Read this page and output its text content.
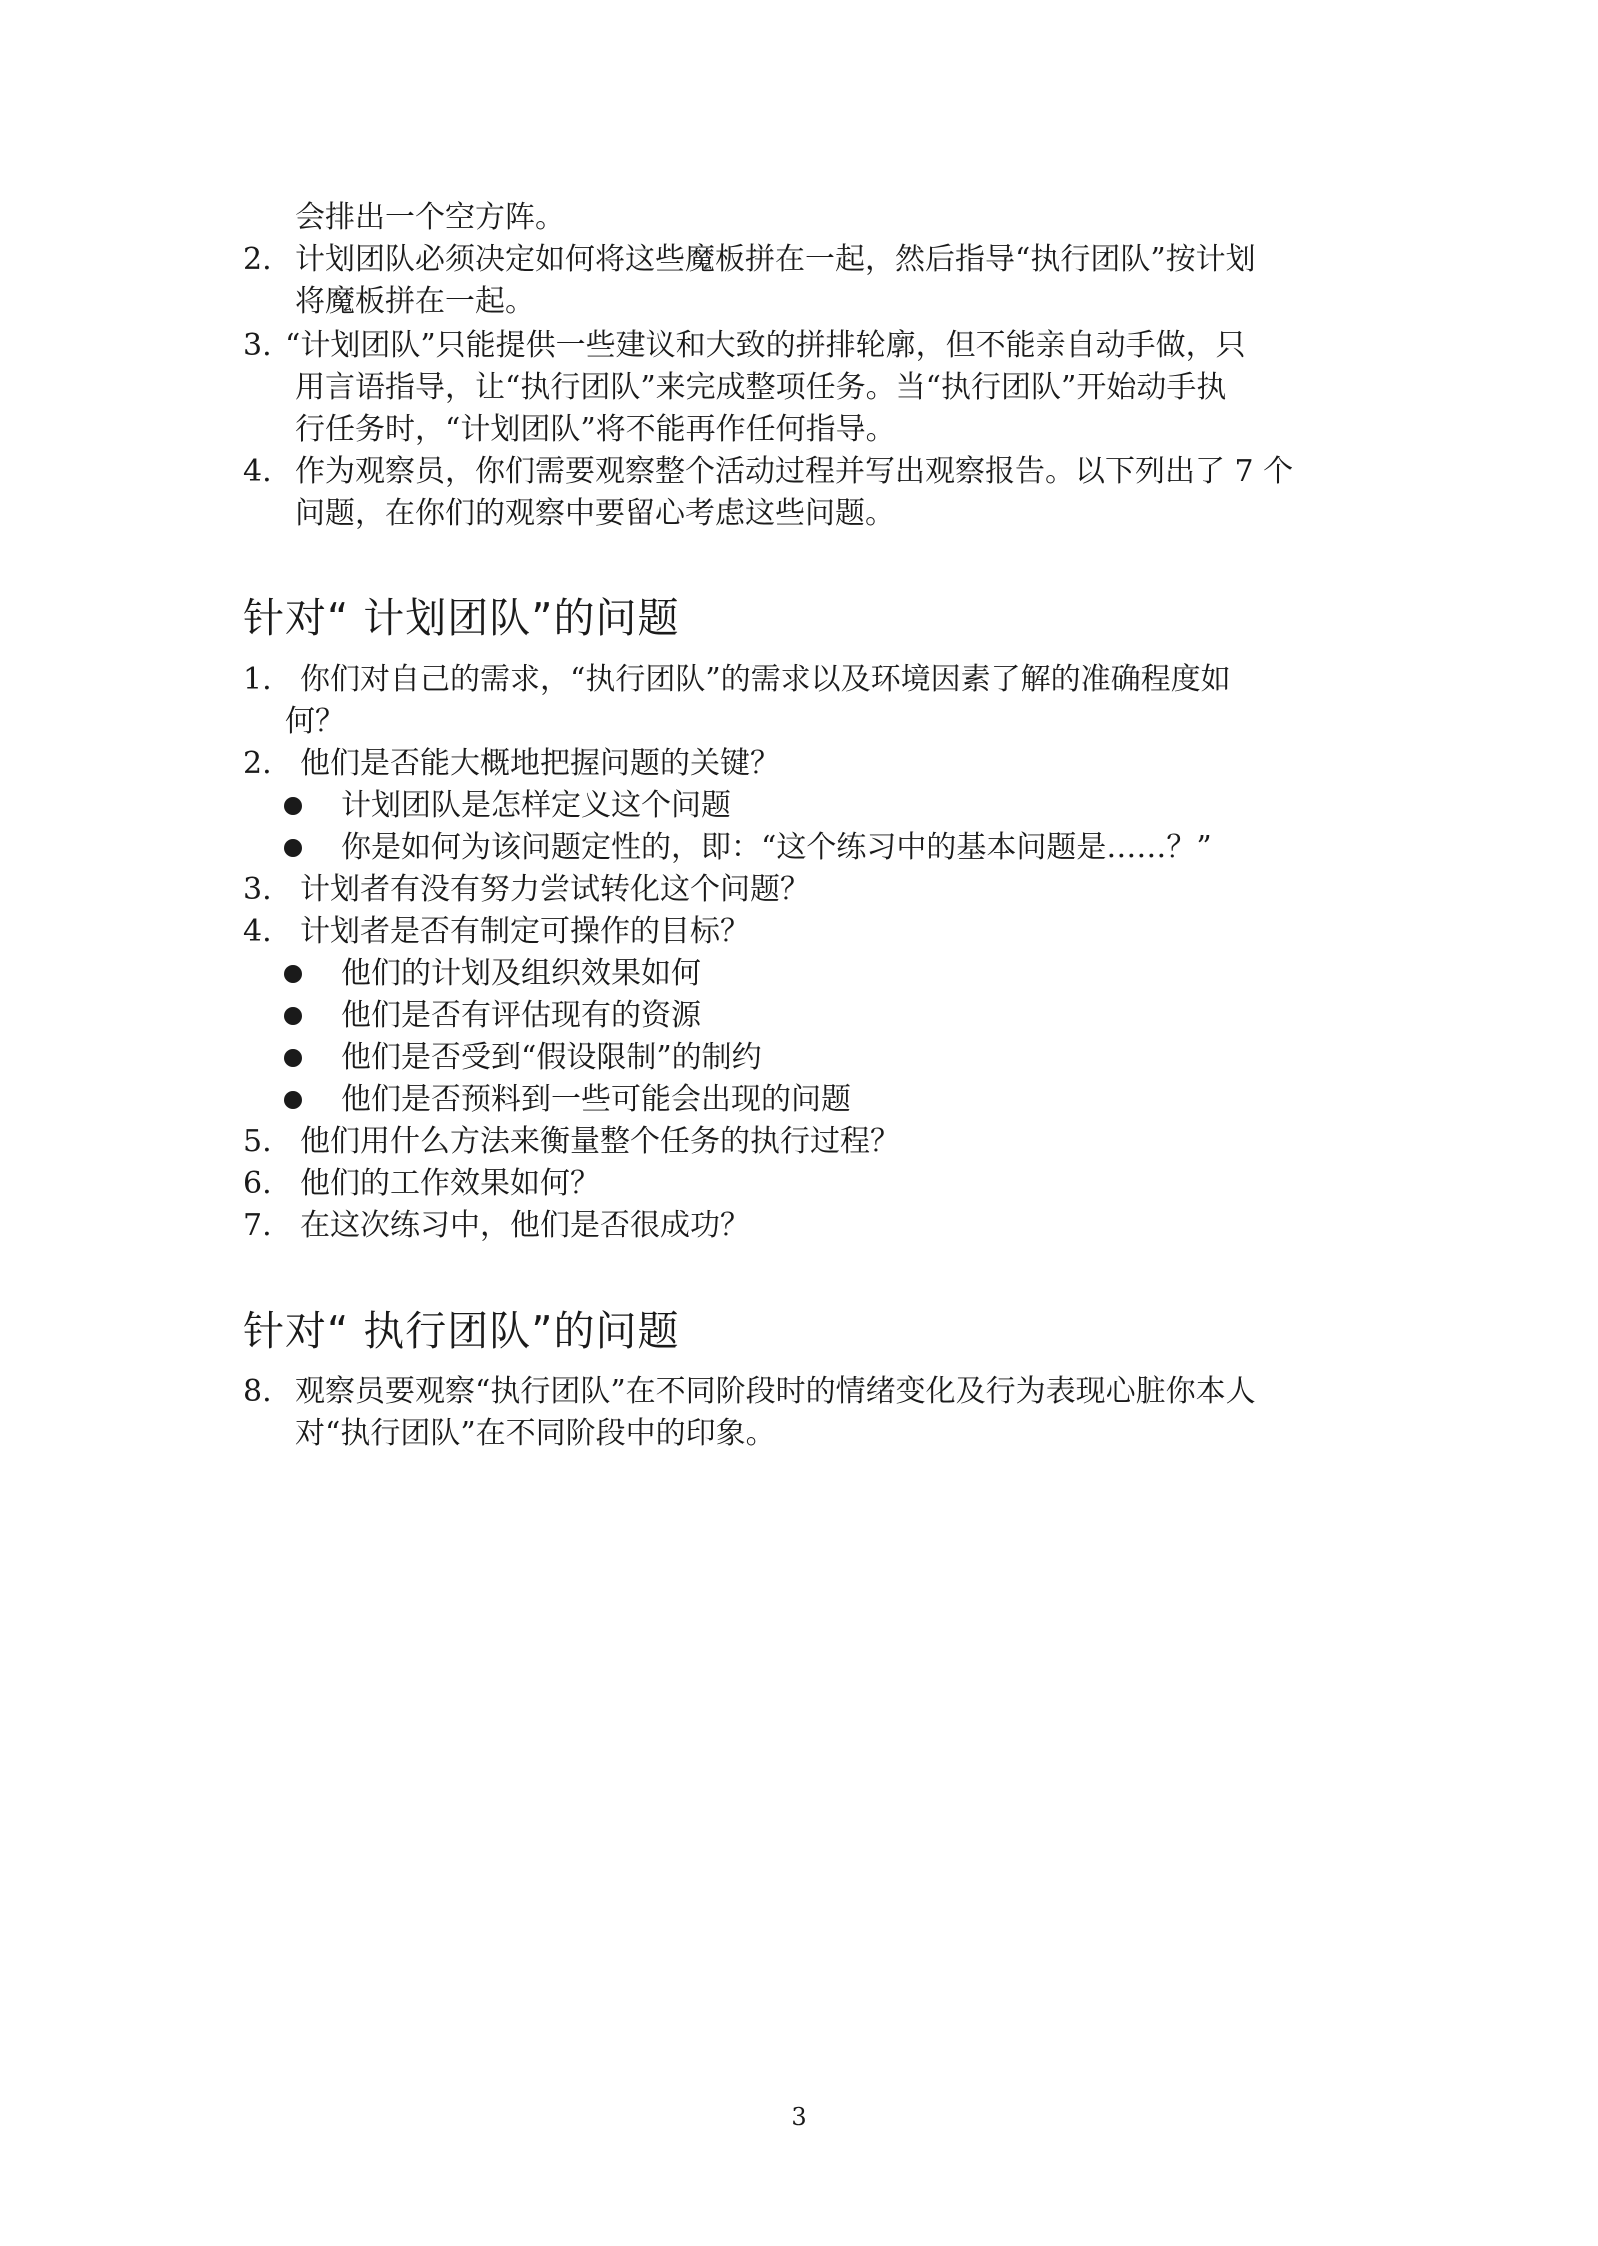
会排出一个空方阵。
2. 计划团队必须决定如何将这些魔板拼在一起，然后指导“执行团队”按计划
将魔板拼在一起。
3. “计划团队”只能提供一些建议和大致的拼排轮廓，但不能亲自动手做，只
用言语指导，让“执行团队”来完成整项任务。当“执行团队”开始动手执
行任务时，“计划团队”将不能再作任何指导。
4. 作为观察员，你们需要观察整个活动过程并写出观察报告。以下列出了 7 个
问题，在你们的观察中要留心考虑这些问题。
针对“ 计划团队”的问题
1. 你们对自己的需求，“执行团队”的需求以及环境因素了解的准确程度如
何？
2. 他们是否能大概地把握问题的关键？
计划团队是怎样定义这个问题
你是如何为该问题定性的，即：“这个练习中的基本问题是……？”
3. 计划者有没有努力尝试转化这个问题？
4. 计划者是否有制定可操作的目标？
他们的计划及组织效果如何
他们是否有评估现有的资源
他们是否受到“假设限制”的制约
他们是否预料到一些可能会出现的问题
5. 他们用什么方法来衡量整个任务的执行过程？
6. 他们的工作效果如何？
7. 在这次练习中，他们是否很成功？
针对“ 执行团队”的问题
8. 观察员要观察“执行团队”在不同阶段时的情绪变化及行为表现心脏你本人
对“执行团队”在不同阶段中的印象。
3
